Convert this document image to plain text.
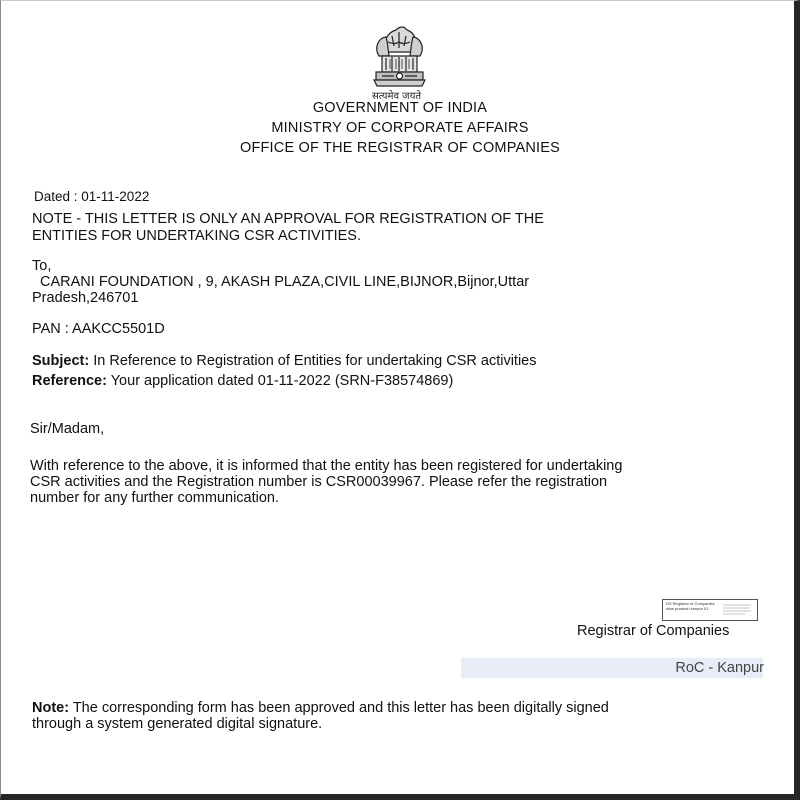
सत्यमेव जयते
GOVERNMENT OF INDIA
MINISTRY OF CORPORATE AFFAIRS
OFFICE OF THE REGISTRAR OF COMPANIES
Dated : 01-11-2022
NOTE - THIS LETTER IS ONLY AN APPROVAL FOR REGISTRATION OF THE
ENTITIES FOR UNDERTAKING CSR ACTIVITIES.
To,
CARANI FOUNDATION , 9, AKASH PLAZA,CIVIL LINE,BIJNOR,Bijnor,Uttar
Pradesh,246701
PAN : AAKCC5501D
Subject: In Reference to Registration of Entities for undertaking CSR activities
Reference: Your application dated 01-11-2022 (SRN-F38574869)
Sir/Madam,
With reference to the above, it is informed that the entity has been registered for undertaking
CSR activities and the Registration number is CSR00039967. Please refer the registration
number for any further communication.
DS Registrar of Companies uttar pradesh kanpur 01
Registrar of Companies
RoC - Kanpur
Note: The corresponding form has been approved and this letter has been digitally signed
through a system generated digital signature.
